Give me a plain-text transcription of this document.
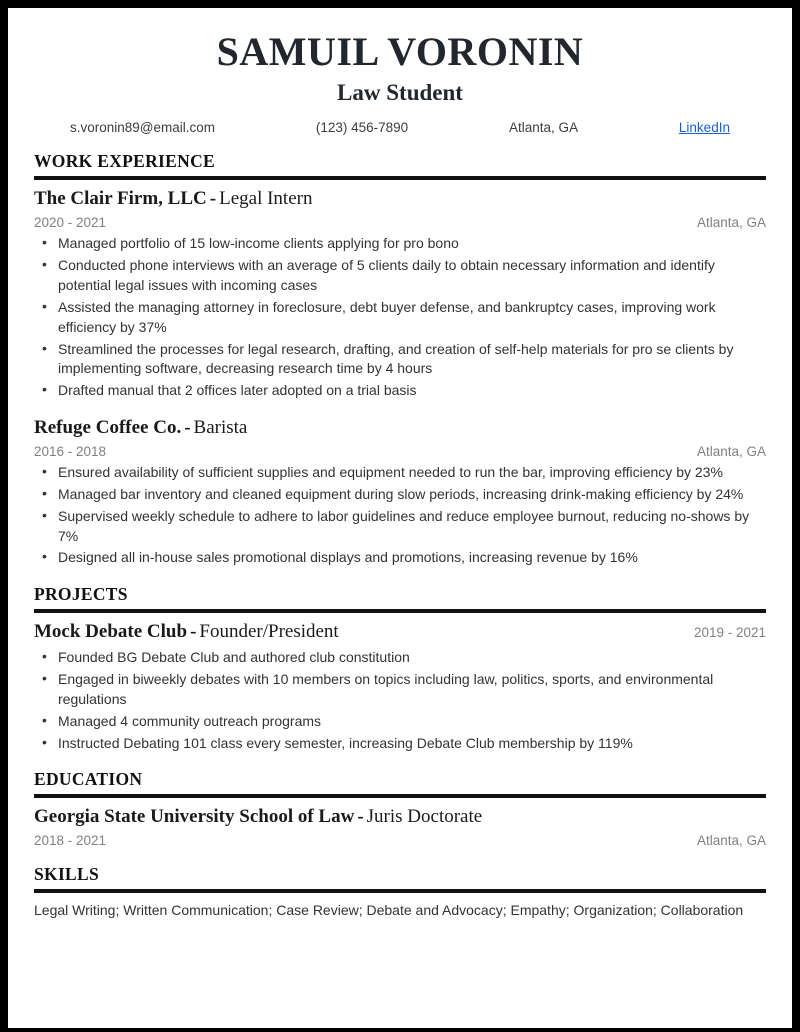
SAMUIL VORONIN
Law Student
s.voronin89@email.com	(123) 456-7890	Atlanta, GA	LinkedIn
WORK EXPERIENCE
The Clair Firm, LLC - Legal Intern
2020 - 2021	Atlanta, GA
• Managed portfolio of 15 low-income clients applying for pro bono
• Conducted phone interviews with an average of 5 clients daily to obtain necessary information and identify potential legal issues with incoming cases
• Assisted the managing attorney in foreclosure, debt buyer defense, and bankruptcy cases, improving work efficiency by 37%
• Streamlined the processes for legal research, drafting, and creation of self-help materials for pro se clients by implementing software, decreasing research time by 4 hours
• Drafted manual that 2 offices later adopted on a trial basis
Refuge Coffee Co. - Barista
2016 - 2018	Atlanta, GA
• Ensured availability of sufficient supplies and equipment needed to run the bar, improving efficiency by 23%
• Managed bar inventory and cleaned equipment during slow periods, increasing drink-making efficiency by 24%
• Supervised weekly schedule to adhere to labor guidelines and reduce employee burnout, reducing no-shows by 7%
• Designed all in-house sales promotional displays and promotions, increasing revenue by 16%
PROJECTS
Mock Debate Club - Founder/President	2019 - 2021
• Founded BG Debate Club and authored club constitution
• Engaged in biweekly debates with 10 members on topics including law, politics, sports, and environmental regulations
• Managed 4 community outreach programs
• Instructed Debating 101 class every semester, increasing Debate Club membership by 119%
EDUCATION
Georgia State University School of Law - Juris Doctorate
2018 - 2021	Atlanta, GA
SKILLS
Legal Writing; Written Communication; Case Review; Debate and Advocacy; Empathy; Organization; Collaboration
